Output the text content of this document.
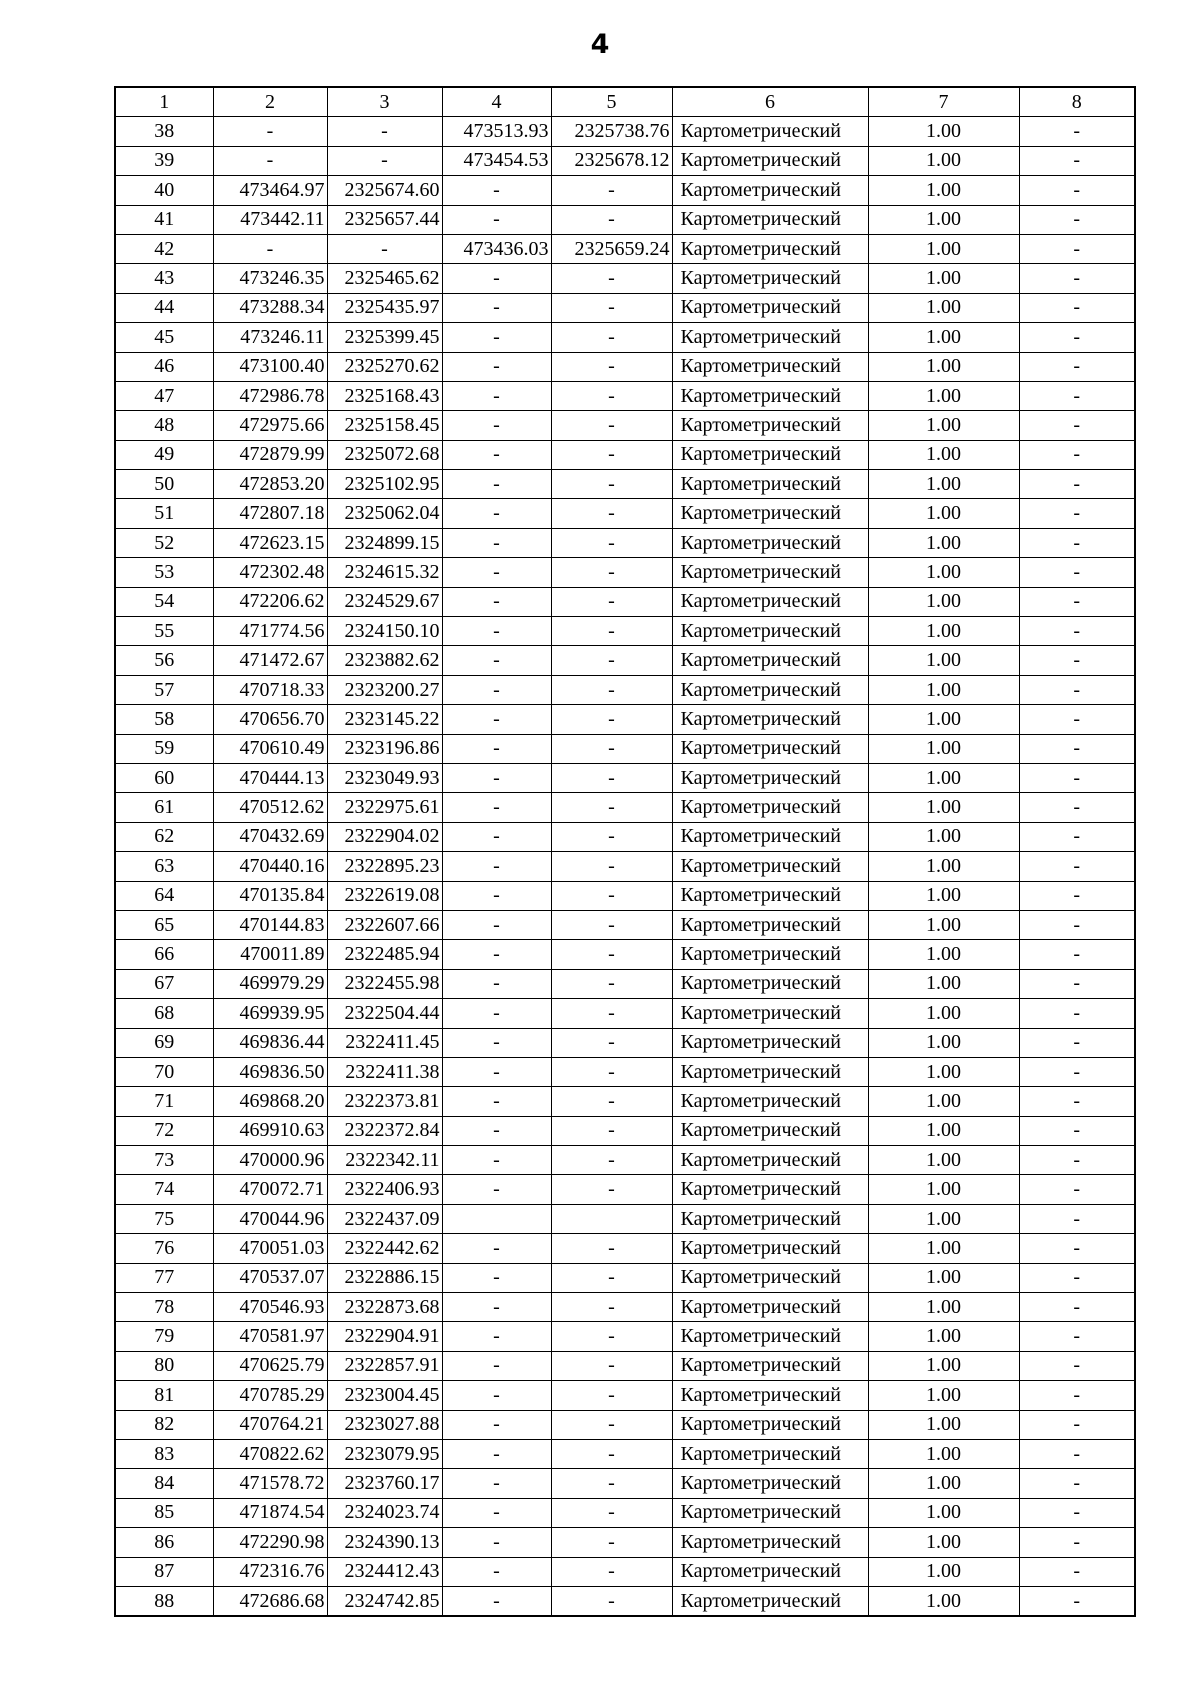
4
1	2	3	4	5	6	7	8
38	-	-	473513.93	2325738.76	Картометрический	1.00	-
39	-	-	473454.53	2325678.12	Картометрический	1.00	-
40	473464.97	2325674.60	-	-	Картометрический	1.00	-
41	473442.11	2325657.44	-	-	Картометрический	1.00	-
42	-	-	473436.03	2325659.24	Картометрический	1.00	-
43	473246.35	2325465.62	-	-	Картометрический	1.00	-
44	473288.34	2325435.97	-	-	Картометрический	1.00	-
45	473246.11	2325399.45	-	-	Картометрический	1.00	-
46	473100.40	2325270.62	-	-	Картометрический	1.00	-
47	472986.78	2325168.43	-	-	Картометрический	1.00	-
48	472975.66	2325158.45	-	-	Картометрический	1.00	-
49	472879.99	2325072.68	-	-	Картометрический	1.00	-
50	472853.20	2325102.95	-	-	Картометрический	1.00	-
51	472807.18	2325062.04	-	-	Картометрический	1.00	-
52	472623.15	2324899.15	-	-	Картометрический	1.00	-
53	472302.48	2324615.32	-	-	Картометрический	1.00	-
54	472206.62	2324529.67	-	-	Картометрический	1.00	-
55	471774.56	2324150.10	-	-	Картометрический	1.00	-
56	471472.67	2323882.62	-	-	Картометрический	1.00	-
57	470718.33	2323200.27	-	-	Картометрический	1.00	-
58	470656.70	2323145.22	-	-	Картометрический	1.00	-
59	470610.49	2323196.86	-	-	Картометрический	1.00	-
60	470444.13	2323049.93	-	-	Картометрический	1.00	-
61	470512.62	2322975.61	-	-	Картометрический	1.00	-
62	470432.69	2322904.02	-	-	Картометрический	1.00	-
63	470440.16	2322895.23	-	-	Картометрический	1.00	-
64	470135.84	2322619.08	-	-	Картометрический	1.00	-
65	470144.83	2322607.66	-	-	Картометрический	1.00	-
66	470011.89	2322485.94	-	-	Картометрический	1.00	-
67	469979.29	2322455.98	-	-	Картометрический	1.00	-
68	469939.95	2322504.44	-	-	Картометрический	1.00	-
69	469836.44	2322411.45	-	-	Картометрический	1.00	-
70	469836.50	2322411.38	-	-	Картометрический	1.00	-
71	469868.20	2322373.81	-	-	Картометрический	1.00	-
72	469910.63	2322372.84	-	-	Картометрический	1.00	-
73	470000.96	2322342.11	-	-	Картометрический	1.00	-
74	470072.71	2322406.93	-	-	Картометрический	1.00	-
75	470044.96	2322437.09			Картометрический	1.00	-
76	470051.03	2322442.62	-	-	Картометрический	1.00	-
77	470537.07	2322886.15	-	-	Картометрический	1.00	-
78	470546.93	2322873.68	-	-	Картометрический	1.00	-
79	470581.97	2322904.91	-	-	Картометрический	1.00	-
80	470625.79	2322857.91	-	-	Картометрический	1.00	-
81	470785.29	2323004.45	-	-	Картометрический	1.00	-
82	470764.21	2323027.88	-	-	Картометрический	1.00	-
83	470822.62	2323079.95	-	-	Картометрический	1.00	-
84	471578.72	2323760.17	-	-	Картометрический	1.00	-
85	471874.54	2324023.74	-	-	Картометрический	1.00	-
86	472290.98	2324390.13	-	-	Картометрический	1.00	-
87	472316.76	2324412.43	-	-	Картометрический	1.00	-
88	472686.68	2324742.85	-	-	Картометрический	1.00	-
